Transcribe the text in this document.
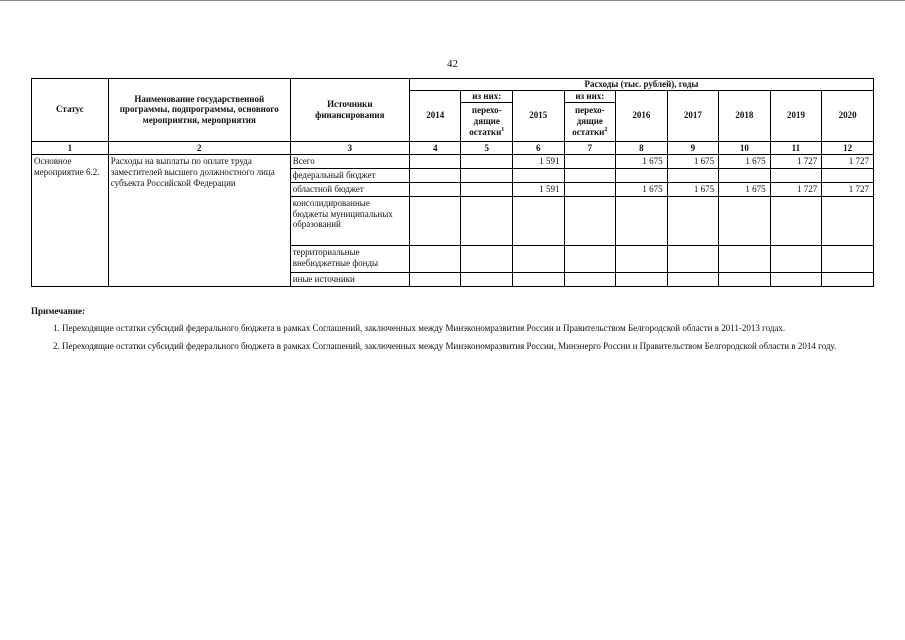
42
Статус	Наименование государственной программы, подпрограммы, основного мероприятия, мероприятия	Источники финансирования	Расходы (тыс. рублей), годы								
			2014	из них:	2015	из них:	2016	2017	2018	2019	2020
				перехо-дящие остатки$^1$		перехо-дящие остатки$^2$

1	2	3	4	5	6	7	8	9	10	11	12
Основное мероприятие 6.2.	Расходы на выплаты по оплате труда заместителей высшего должностного лица субъекта Российской Федерации	Всего			1 591		1 675	1 675	1 675	1 727	1 727
		федеральный бюджет									
		областной бюджет			1 591		1 675	1 675	1 675	1 727	1 727
		консолидированные бюджеты муниципальных образований									
		территориальные внебюджетные фонды									
		иные источники									
Примечание:
1. Переходящие остатки субсидий федерального бюджета в рамках Соглашений, заключенных между Минэкономразвития России и Правительством Белгородской области в 2011-2013 годах.
2. Переходящие остатки субсидий федерального бюджета в рамках Соглашений, заключенных между Минэкономразвития России, Минэнерго России и Правительством Белгородской области в 2014 году.
